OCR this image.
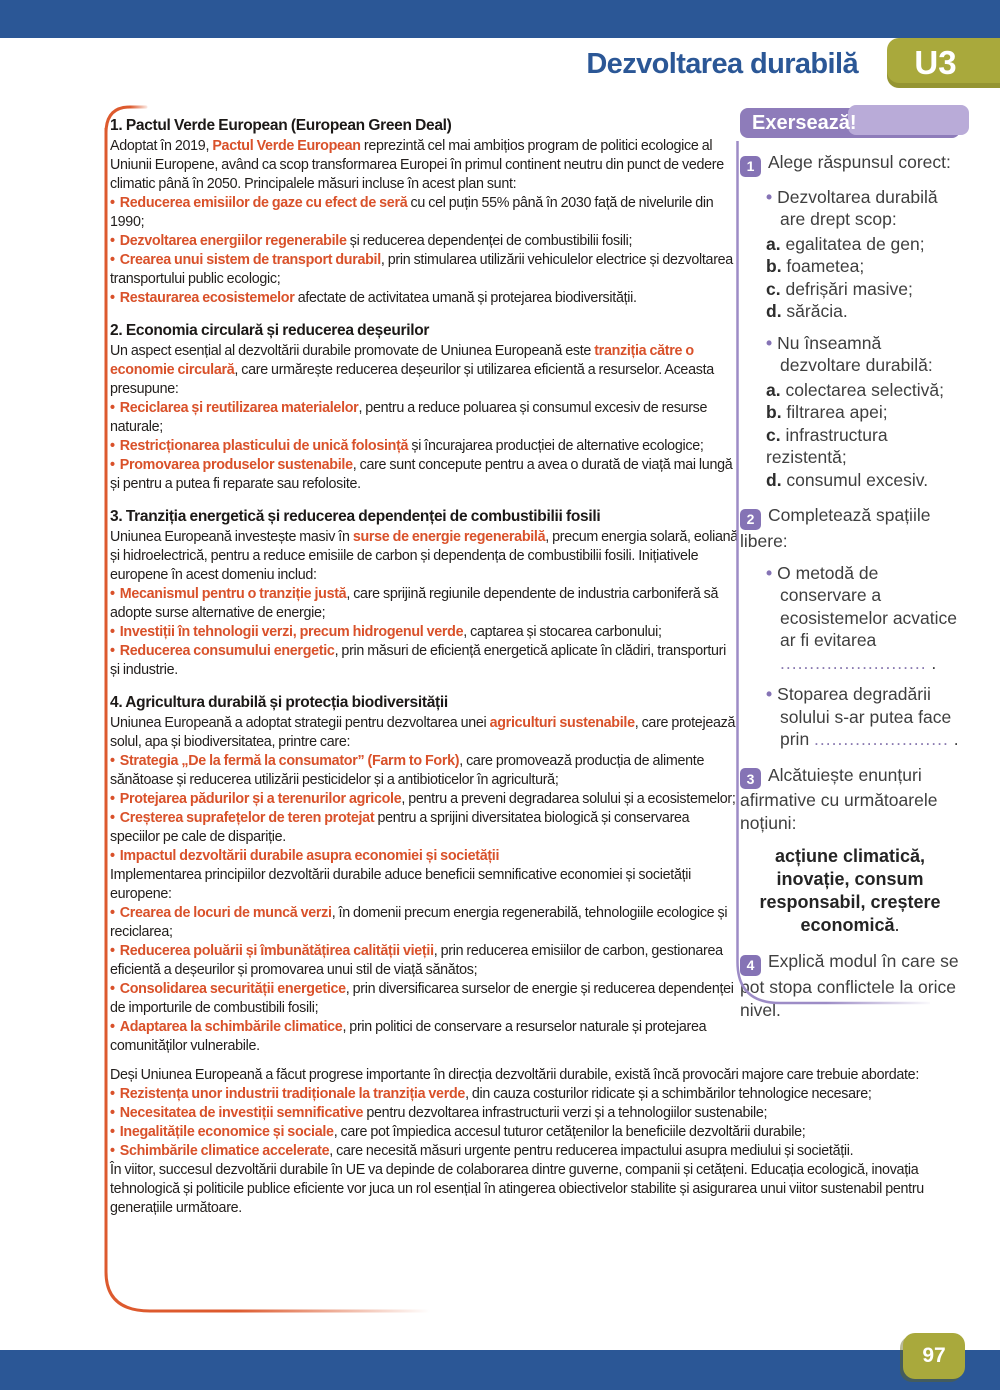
Dezvoltarea durabilă	U3
Exersează!
1 Alege răspunsul corect:
• Dezvoltarea durabilă are drept scop:
a. egalitatea de gen;
b. foametea;
c. defrișări masive;
d. sărăcia.
• Nu înseamnă dezvoltare durabilă:
a. colectarea selectivă;
b. filtrarea apei;
c. infrastructura rezistentă;
d. consumul excesiv.
2 Completează spațiile libere:
• O metodă de conservare a ecosistemelor acvatice ar fi evitarea ......................... .
• Stoparea degradării solului s-ar putea face prin ....................... .
3 Alcătuiește enunțuri afirmative cu următoarele noțiuni:
acțiune climatică, inovație, consum responsabil, creștere economică.
4 Explică modul în care se pot stopa conflictele la orice nivel.
1. Pactul Verde European (European Green Deal)

Adoptat în 2019, Pactul Verde European reprezintă cel mai ambițios program de politici ecologice al Uniunii Europene, având ca scop transformarea Europei în primul continent neutru din punct de vedere climatic până în 2050. Principalele măsuri incluse în acest plan sunt:

• Reducerea emisiilor de gaze cu efect de seră cu cel puțin 55% până în 2030 față de nivelurile din 1990;

• Dezvoltarea energiilor regenerabile și reducerea dependenței de combustibilii fosili;

• Crearea unui sistem de transport durabil, prin stimularea utilizării vehiculelor electrice și dezvoltarea transportului public ecologic;

• Restaurarea ecosistemelor afectate de activitatea umană și protejarea biodiversității.

2. Economia circulară și reducerea deșeurilor

Un aspect esențial al dezvoltării durabile promovate de Uniunea Europeană este tranziția către o economie circulară, care urmărește reducerea deșeurilor și utilizarea eficientă a resurselor. Aceasta presupune:

• Reciclarea și reutilizarea materialelor, pentru a reduce poluarea și consumul excesiv de resurse naturale;

• Restricționarea plasticului de unică folosință și încurajarea producției de alternative ecologice;

• Promovarea produselor sustenabile, care sunt concepute pentru a avea o durată de viață mai lungă și pentru a putea fi reparate sau refolosite.

3. Tranziția energetică și reducerea dependenței de combustibilii fosili

Uniunea Europeană investește masiv în surse de energie regenerabilă, precum energia solară, eoliană și hidroelectrică, pentru a reduce emisiile de carbon și dependența de combustibilii fosili. Inițiativele europene în acest domeniu includ:

• Mecanismul pentru o tranziție justă, care sprijină regiunile dependente de industria carboniferă să adopte surse alternative de energie;

• Investiții în tehnologii verzi, precum hidrogenul verde, captarea și stocarea carbonului;

• Reducerea consumului energetic, prin măsuri de eficiență energetică aplicate în clădiri, transporturi și industrie.

4. Agricultura durabilă și protecția biodiversității

Uniunea Europeană a adoptat strategii pentru dezvoltarea unei agriculturi sustenabile, care protejează solul, apa și biodiversitatea, printre care:

• Strategia „De la fermă la consumator” (Farm to Fork), care promovează producția de alimente sănătoase și reducerea utilizării pesticidelor și a antibioticelor în agricultură;

• Protejarea pădurilor și a terenurilor agricole, pentru a preveni degradarea solului și a ecosistemelor;

• Creșterea suprafețelor de teren protejat pentru a sprijini diversitatea biologică și conservarea speciilor pe cale de dispariție.

• Impactul dezvoltării durabile asupra economiei și societății

Implementarea principiilor dezvoltării durabile aduce beneficii semnificative economiei și societății europene:

• Crearea de locuri de muncă verzi, în domenii precum energia regenerabilă, tehnologiile ecologice și reciclarea;

• Reducerea poluării și îmbunătățirea calității vieții, prin reducerea emisiilor de carbon, gestionarea eficientă a deșeurilor și promovarea unui stil de viață sănătos;

• Consolidarea securității energetice, prin diversificarea surselor de energie și reducerea dependenței de importurile de combustibili fosili;

• Adaptarea la schimbările climatice, prin politici de conservare a resurselor naturale și protejarea comunităților vulnerabile.

Deși Uniunea Europeană a făcut progrese importante în direcția dezvoltării durabile, există încă provocări majore care trebuie abordate:

• Rezistența unor industrii tradiționale la tranziția verde, din cauza costurilor ridicate și a schimbărilor tehnologice necesare;

• Necesitatea de investiții semnificative pentru dezvoltarea infrastructurii verzi și a tehnologiilor sustenabile;

• Inegalitățile economice și sociale, care pot împiedica accesul tuturor cetățenilor la beneficiile dezvoltării durabile;

• Schimbările climatice accelerate, care necesită măsuri urgente pentru reducerea impactului asupra mediului și societății.

În viitor, succesul dezvoltării durabile în UE va depinde de colaborarea dintre guverne, companii și cetățeni. Educația ecologică, inovația tehnologică și politicile publice eficiente vor juca un rol esențial în atingerea obiectivelor stabilite și asigurarea unui viitor sustenabil pentru generațiile următoare.

97
